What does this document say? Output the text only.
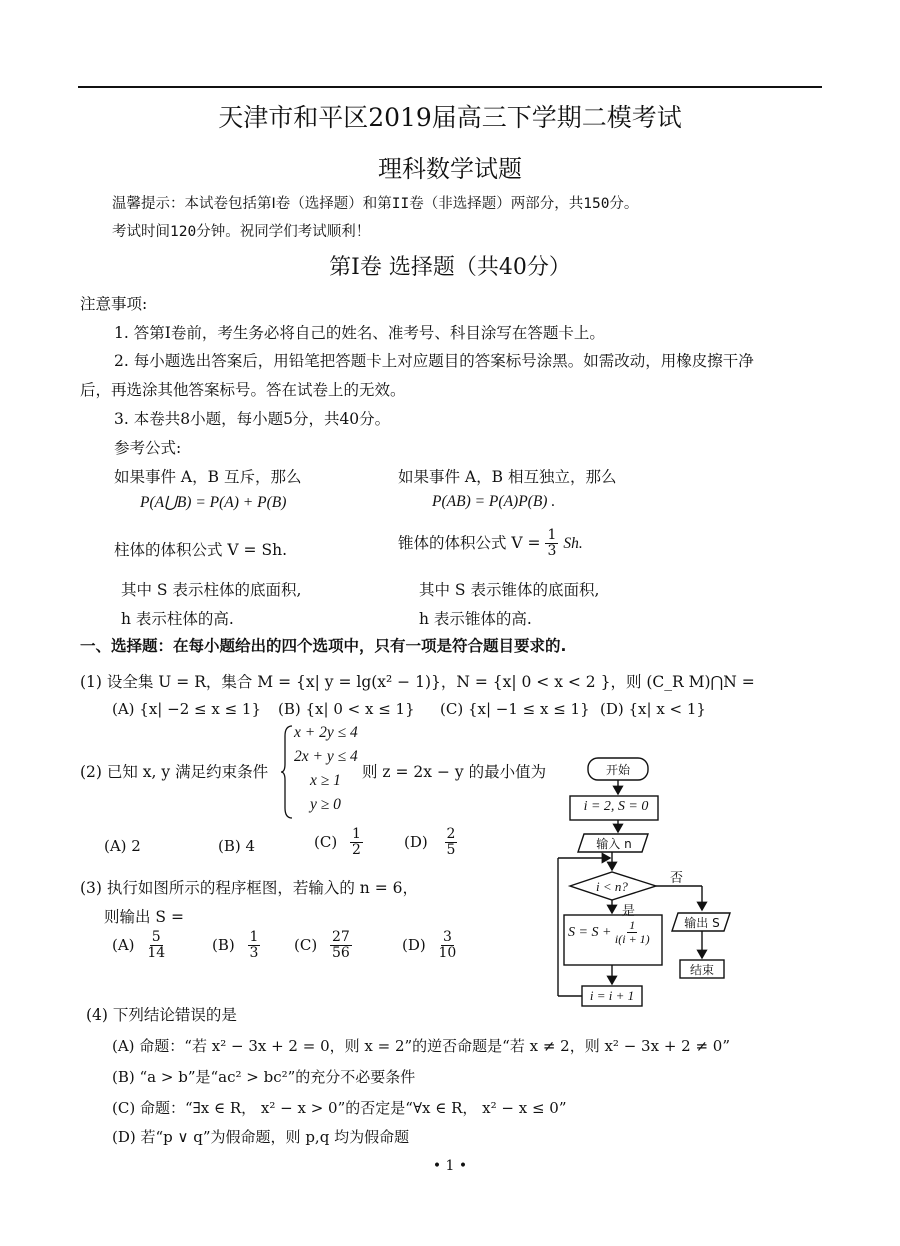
天津市和平区2019届高三下学期二模考试
理科数学试题
温馨提示：本试卷包括第Ⅰ卷（选择题）和第II卷（非选择题）两部分，共150分。
考试时间120分钟。祝同学们考试顺利！
第Ⅰ卷 选择题（共40分）
注意事项:
1. 答第Ⅰ卷前，考生务必将自己的姓名、准考号、科目涂写在答题卡上。
2. 每小题选出答案后，用铅笔把答题卡上对应题目的答案标号涂黑。如需改动，用橡皮擦干净
后，再选涂其他答案标号。答在试卷上的无效。
3. 本卷共8小题，每小题5分，共40分。
参考公式:
如果事件 A，B 互斥，那么
P(A⋃B) = P(A) + P(B)
如果事件 A，B 相互独立，那么
P(AB) = P(A)P(B) .
柱体的体积公式 V = Sh.	锥体的体积公式 $V = \frac{1}{3} Sh$.
其中 S 表示柱体的底面积,
h 表示柱体的高.
其中 S 表示锥体的底面积,
h 表示锥体的高.
一、选择题：在每小题给出的四个选项中，只有一项是符合题目要求的.
(1) 设全集 U = R，集合 M = {x| y = lg(x² − 1)}，N = {x| 0 < x < 2 }，则 (C_R M)⋂N =
(A) {x| −2 ≤ x ≤ 1} (B) {x| 0 < x ≤ 1} (C) {x| −1 ≤ x ≤ 1} (D) {x| x < 1}
(2) 已知 x, y 满足约束条件
x + 2y ≤ 4
2x + y ≤ 4
x ≥ 1
y ≥ 0
则 z = 2x − y 的最小值为
(A) 2	(B) 4	$(C) \frac{1}{2}$	$(D) \frac{2}{5}$
(3) 执行如图所示的程序框图，若输入的 n = 6，
则输出 S =
$(A) \frac{5}{14}$	$(B) \frac{1}{3} (C) \frac{27}{56}$	$(D) \frac{3}{10}$
开始
i = 2, S = 0
输入 n
i < n?
否
是
$S = S + \frac{1}{i(i + 1)}$	输出 S
结束
i = i + 1
(4) 下列结论错误的是
(A) 命题：“若 x² − 3x + 2 = 0，则 x = 2”的逆否命题是“若 x ≠ 2，则 x² − 3x + 2 ≠ 0”
(B) “a > b”是“ac² > bc²”的充分不必要条件
(C) 命题：“∃x ∈ R， x² − x > 0”的否定是“∀x ∈ R， x² − x ≤ 0”
(D) 若“p ∨ q”为假命题，则 p,q 均为假命题
• 1 •
